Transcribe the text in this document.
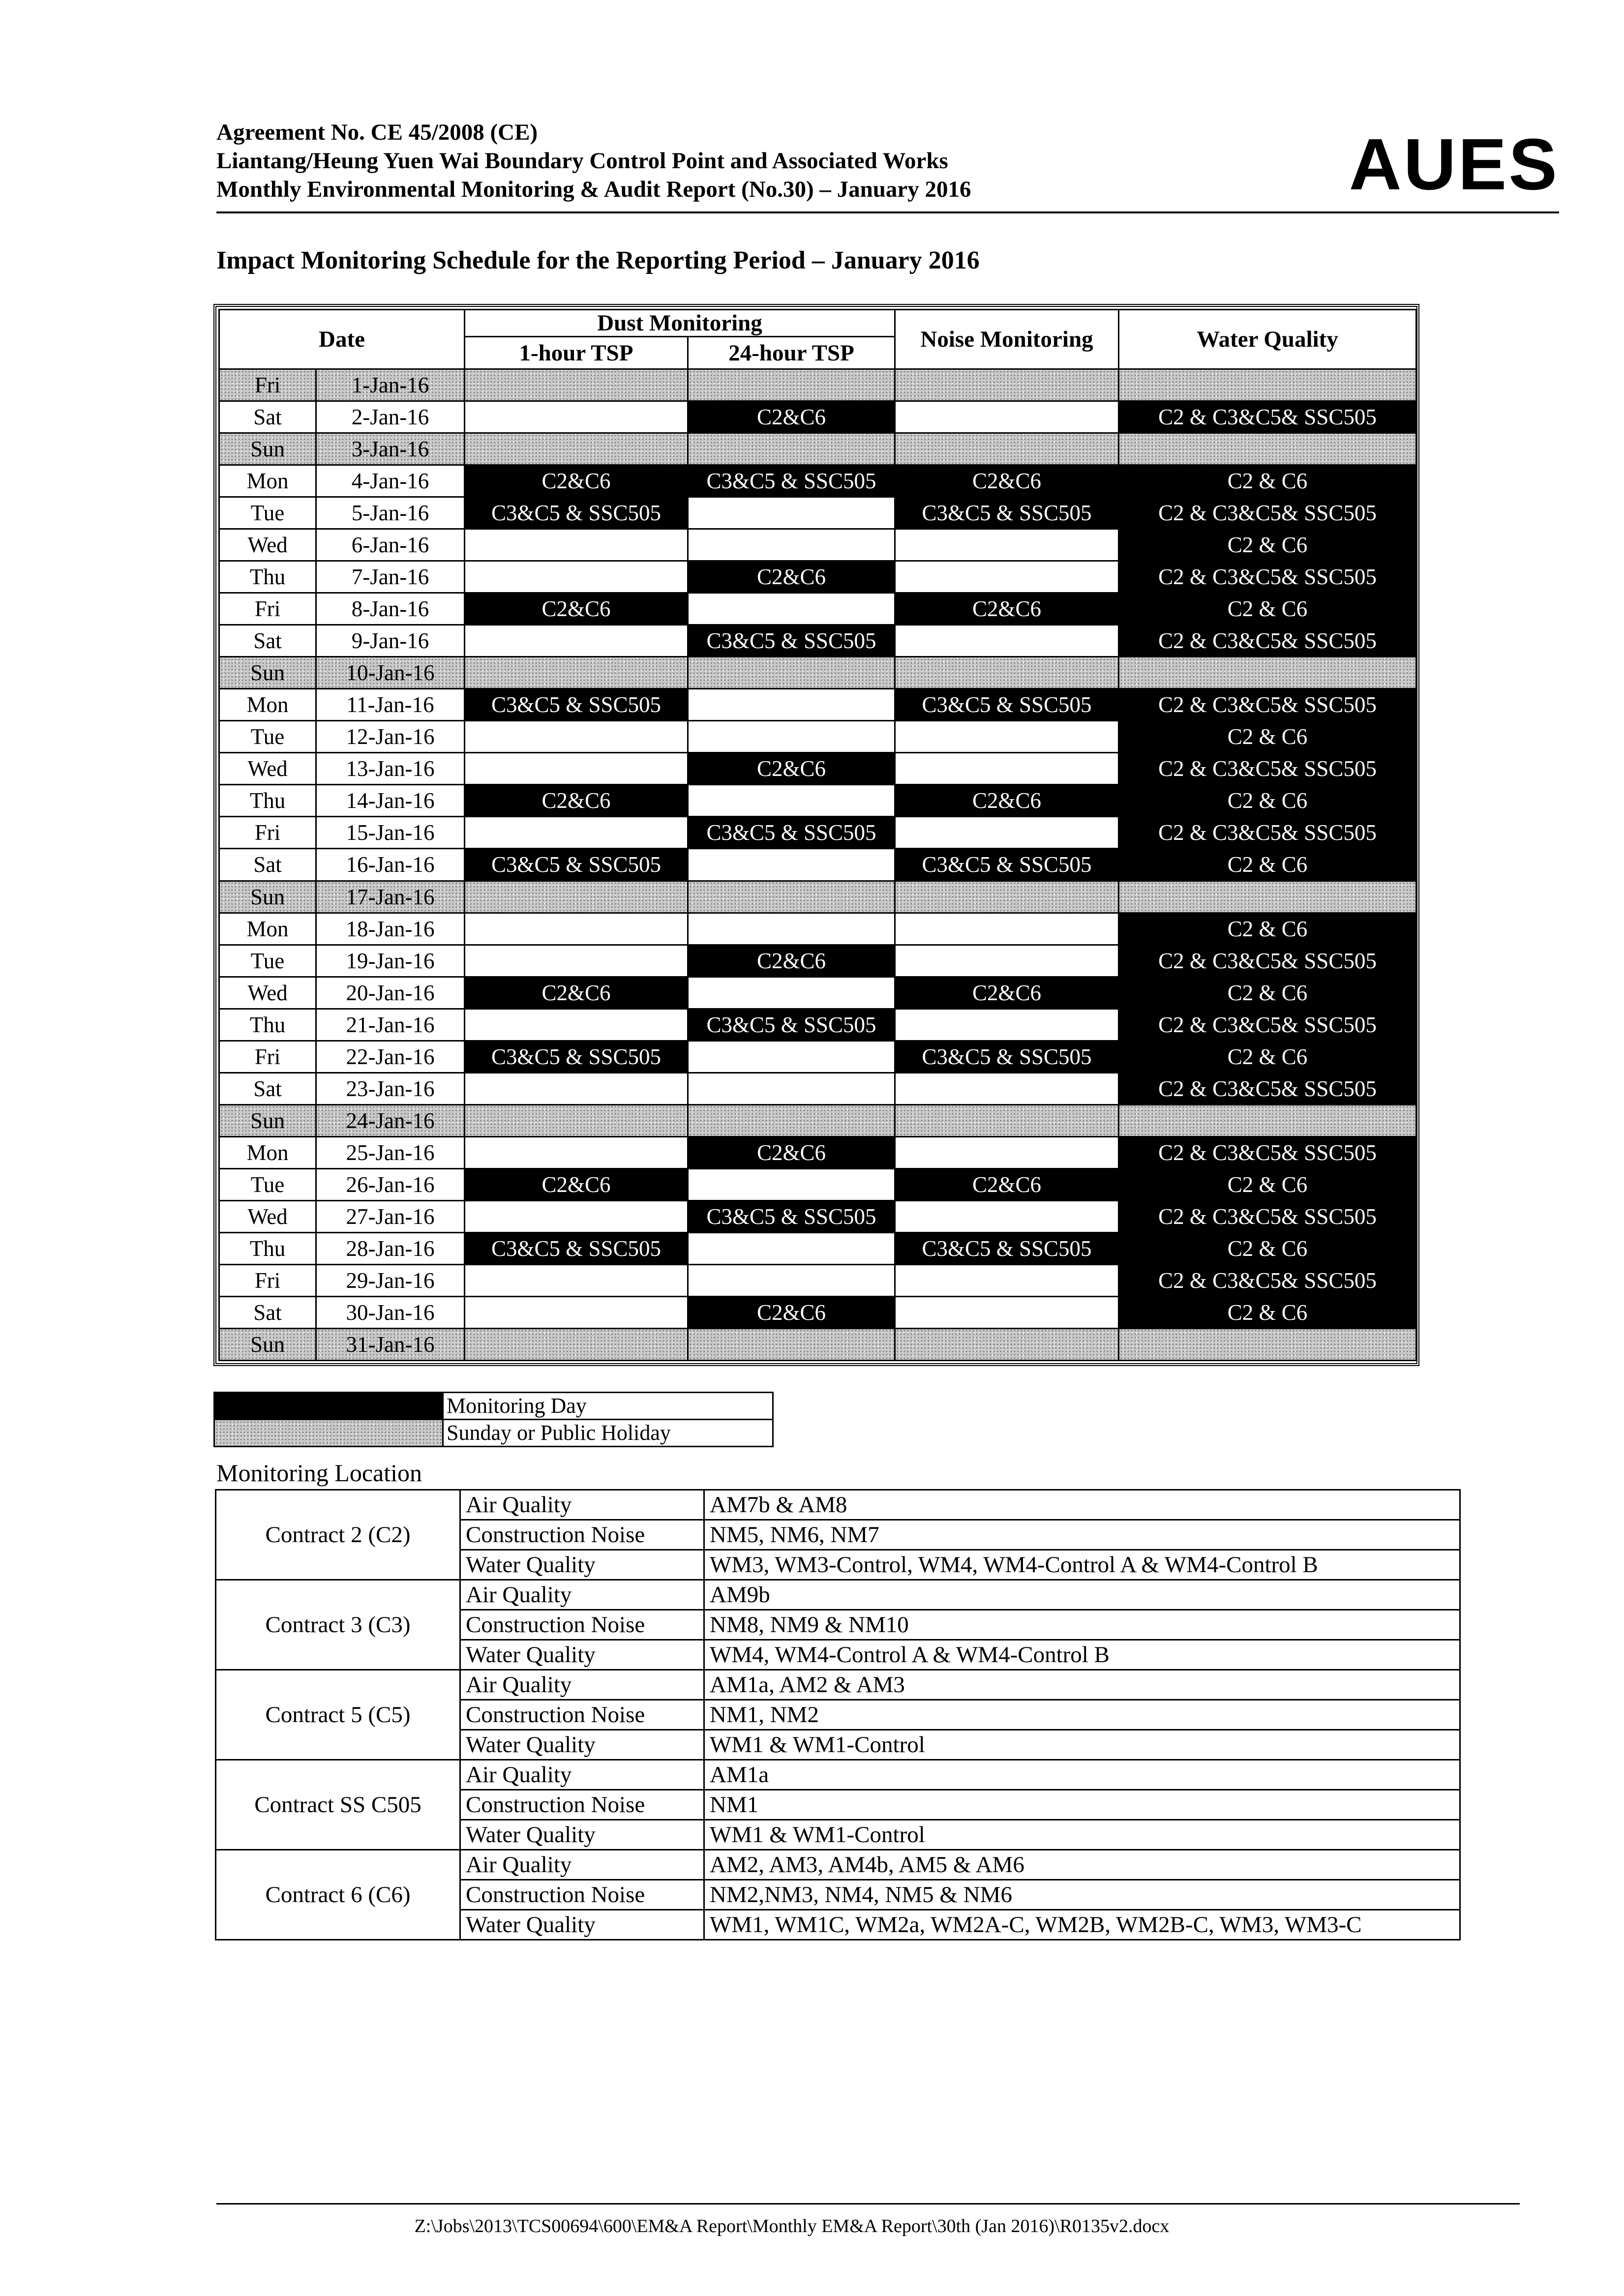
Agreement No. CE 45/2008 (CE)
Liantang/Heung Yuen Wai Boundary Control Point and Associated Works
Monthly Environmental Monitoring & Audit Report (No.30) – January 2016	AUES
Impact Monitoring Schedule for the Reporting Period – January 2016
Date		Dust Monitoring		Noise Monitoring	Water Quality
		1-hour TSP	24-hour TSP		
Fri	1-Jan-16				
Sat	2-Jan-16		C2&C6		C2 & C3&C5& SSC505
Sun	3-Jan-16				
Mon	4-Jan-16	C2&C6	C3&C5 & SSC505	C2&C6	C2 & C6
Tue	5-Jan-16	C3&C5 & SSC505		C3&C5 & SSC505	C2 & C3&C5& SSC505
Wed	6-Jan-16				C2 & C6
Thu	7-Jan-16		C2&C6		C2 & C3&C5& SSC505
Fri	8-Jan-16	C2&C6		C2&C6	C2 & C6
Sat	9-Jan-16		C3&C5 & SSC505		C2 & C3&C5& SSC505
Sun	10-Jan-16				
Mon	11-Jan-16	C3&C5 & SSC505		C3&C5 & SSC505	C2 & C3&C5& SSC505
Tue	12-Jan-16				C2 & C6
Wed	13-Jan-16		C2&C6		C2 & C3&C5& SSC505
Thu	14-Jan-16	C2&C6		C2&C6	C2 & C6
Fri	15-Jan-16		C3&C5 & SSC505		C2 & C3&C5& SSC505
Sat	16-Jan-16	C3&C5 & SSC505		C3&C5 & SSC505	C2 & C6
Sun	17-Jan-16				
Mon	18-Jan-16				C2 & C6
Tue	19-Jan-16		C2&C6		C2 & C3&C5& SSC505
Wed	20-Jan-16	C2&C6		C2&C6	C2 & C6
Thu	21-Jan-16		C3&C5 & SSC505		C2 & C3&C5& SSC505
Fri	22-Jan-16	C3&C5 & SSC505		C3&C5 & SSC505	C2 & C6
Sat	23-Jan-16				C2 & C3&C5& SSC505
Sun	24-Jan-16				
Mon	25-Jan-16		C2&C6		C2 & C3&C5& SSC505
Tue	26-Jan-16	C2&C6		C2&C6	C2 & C6
Wed	27-Jan-16		C3&C5 & SSC505		C2 & C3&C5& SSC505
Thu	28-Jan-16	C3&C5 & SSC505		C3&C5 & SSC505	C2 & C6
Fri	29-Jan-16				C2 & C3&C5& SSC505
Sat	30-Jan-16		C2&C6		C2 & C6
Sun	31-Jan-16				
	Monitoring Day
	Sunday or Public Holiday
Monitoring Location
Contract 2 (C2)	Air Quality	AM7b & AM8
	Construction Noise	NM5, NM6, NM7
	Water Quality	WM3, WM3-Control, WM4, WM4-Control A & WM4-Control B
Contract 3 (C3)	Air Quality	AM9b
	Construction Noise	NM8, NM9 & NM10
	Water Quality	WM4, WM4-Control A & WM4-Control B
Contract 5 (C5)	Air Quality	AM1a, AM2 & AM3
	Construction Noise	NM1, NM2
	Water Quality	WM1 & WM1-Control
Contract SS C505	Air Quality	AM1a
	Construction Noise	NM1
	Water Quality	WM1 & WM1-Control
Contract 6 (C6)	Air Quality	AM2, AM3, AM4b, AM5 & AM6
	Construction Noise	NM2,NM3, NM4, NM5 & NM6
	Water Quality	WM1, WM1C, WM2a, WM2A-C, WM2B, WM2B-C, WM3, WM3-C
Z:\Jobs\2013\TCS00694\600\EM&A Report\Monthly EM&A Report\30th (Jan 2016)\R0135v2.docx
